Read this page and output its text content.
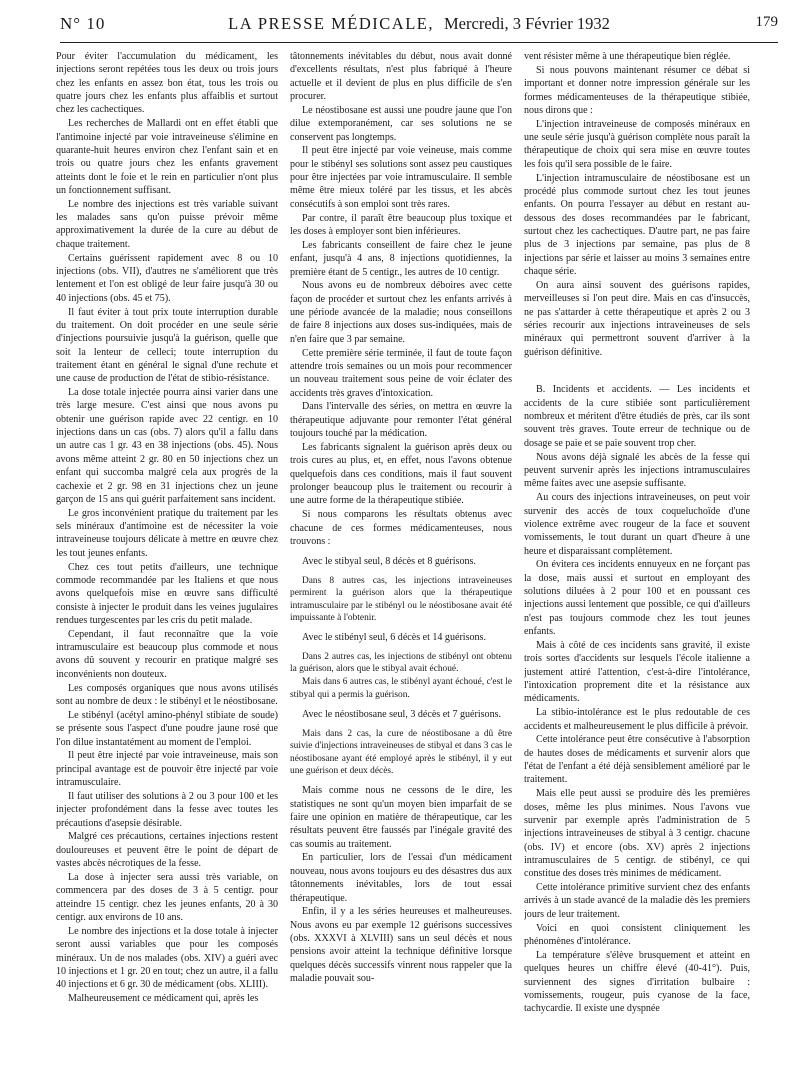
N° 10	LA PRESSE MÉDICALE, Mercredi, 3 Février 1932	179

Pour éviter l'accumulation du médicament, les injections seront repétées tous les deux ou trois jours chez les enfants en assez bon état, tous les trois ou quatre jours chez les enfants plus affaiblis et surtout chez les cachectiques.

Les recherches de Mallardi ont en effet établi que l'antimoine injecté par voie intraveineuse s'élimine en quarante-huit heures environ chez l'enfant sain et en trois ou quatre jours chez les enfants gravement atteints dont le foie et le rein en particulier n'ont plus un fonctionnement suffisant.

Le nombre des injections est très variable suivant les malades sans qu'on puisse prévoir même approximativement la durée de la cure au début de chaque traitement.

Certains guérissent rapidement avec 8 ou 10 injections (obs. VII), d'autres ne s'améliorent que très lentement et l'on est obligé de leur faire jusqu'à 30 ou 40 injections (obs. 45 et 75).

Il faut éviter à tout prix toute interruption durable du traitement. On doit procéder en une seule série d'injections poursuivie jusqu'à la guérison, quelle que soit la lenteur de celleci; toute interruption du traitement étant en général le signal d'une rechute et une cause de production de l'état de stibio-résistance.

La dose totale injectée pourra ainsi varier dans une très large mesure. C'est ainsi que nous avons pu obtenir une guérison rapide avec 22 centigr. en 10 injections dans un cas (obs. 7) alors qu'il a fallu dans un autre cas 1 gr. 43 en 38 injections (obs. 45). Nous avons même atteint 2 gr. 80 en 50 injections chez un enfant qui succomba malgré cela aux progrès de la cachexie et 2 gr. 98 en 31 injections chez un jeune garçon de 15 ans qui guérit parfaitement sans incident.

Le gros inconvénient pratique du traitement par les sels minéraux d'antimoine est de nécessiter la voie intraveineuse toujours délicate à mettre en œuvre chez les tout jeunes enfants.

Chez ces tout petits d'ailleurs, une technique commode recommandée par les Italiens et que nous avons quelquefois mise en œuvre sans difficulté consiste à injecter le produit dans les veines jugulaires rendues turgescentes par les cris du petit malade.

Cependant, il faut reconnaître que la voie intramusculaire est beaucoup plus commode et nous avons dû souvent y recourir en pratique malgré ses inconvénients non douteux.

Les composés organiques que nous avons utilisés sont au nombre de deux : le stibényl et le néostibosane.

Le stibényl (acétyl amino-phényl stibiate de soude) se présente sous l'aspect d'une poudre jaune rosé que l'on dilue instantatément au moment de l'emploi.

Il peut être injecté par voie intraveineuse, mais son principal avantage est de pouvoir être injecté par voie intramusculaire.

Il faut utiliser des solutions à 2 ou 3 pour 100 et les injecter profondément dans la fesse avec toutes les précautions d'asepsie désirable.

Malgré ces précautions, certaines injections restent douloureuses et peuvent être le point de départ de vastes abcès nécrotiques de la fesse.

La dose à injecter sera aussi très variable, on commencera par des doses de 3 à 5 centigr. pour atteindre 15 centigr. chez les jeunes enfants, 20 à 30 centigr. aux environs de 10 ans.

Le nombre des injections et la dose totale à injecter seront aussi variables que pour les composés minéraux. Un de nos malades (obs. XIV) a guéri avec 10 injections et 1 gr. 20 en tout; chez un autre, il a fallu 40 injections et 6 gr. 30 de médicament (obs. XLIII).

Malheureusement ce médicament qui, après les

tâtonnements inévitables du début, nous avait donné d'excellents résultats, n'est plus fabriqué à l'heure actuelle et il devient de plus en plus difficile de s'en procurer.

Le néostibosane est aussi une poudre jaune que l'on dilue extemporanément, car ses solutions ne se conservent pas longtemps.

Il peut être injecté par voie veineuse, mais comme pour le stibényl ses solutions sont assez peu caustiques pour être injectées par voie intramusculaire. Il semble même être mieux toléré par les tissus, et les abcès consécutifs à son emploi sont très rares.

Par contre, il paraît être beaucoup plus toxique et les doses à employer sont bien inférieures.

Les fabricants conseillent de faire chez le jeune enfant, jusqu'à 4 ans, 8 injections quotidiennes, la première étant de 5 centigr., les autres de 10 centigr.

Nous avons eu de nombreux déboires avec cette façon de procéder et surtout chez les enfants arrivés à une période avancée de la maladie; nous conseillons de faire 8 injections aux doses sus-indiquées, mais de n'en faire que 3 par semaine.

Cette première série terminée, il faut de toute façon attendre trois semaines ou un mois pour recommencer un nouveau traitement sous peine de voir éclater des accidents très graves d'intoxication.

Dans l'intervalle des séries, on mettra en œuvre la thérapeutique adjuvante pour remonter l'état général toujours touché par la médication.

Les fabricants signalent la guérison après deux ou trois cures au plus, et, en effet, nous l'avons obtenue quelquefois dans ces conditions, mais il faut souvent prolonger beaucoup plus le traitement ou recourir à une autre forme de la thérapeutique stibiée.

Si nous comparons les résultats obtenus avec chacune de ces formes médicamenteuses, nous trouvons :

Avec le stibyal seul, 8 décès et 8 guérisons.

Dans 8 autres cas, les injections intraveineuses permirent la guérison alors que la thérapeutique intramusculaire par le stibényl ou le néostibosane avait été impuissante à l'obtenir.

Avec le stibényl seul, 6 décès et 14 guérisons.

Dans 2 autres cas, les injections de stibényl ont obtenu la guérison, alors que le stibyal avait échoué.

Mais dans 6 autres cas, le stibényl ayant échoué, c'est le stibyal qui a permis la guérison.

Avec le néostibosane seul, 3 décès et 7 guérisons.

Mais dans 2 cas, la cure de néostibosane a dû être suivie d'injections intraveineuses de stibyal et dans 3 cas le néostibosane ayant été employé après le stibényl, il y eut une guérison et deux décès.

Mais comme nous ne cessons de le dire, les statistiques ne sont qu'un moyen bien imparfait de se faire une opinion en matière de thérapeutique, car les résultats peuvent être faussés par l'inégale gravité des cas soumis au traitement.

En particulier, lors de l'essai d'un médicament nouveau, nous avons toujours eu des désastres dus aux tâtonnements inévitables, lors de tout essai thérapeutique.

Enfin, il y a les séries heureuses et malheureuses. Nous avons eu par exemple 12 guérisons successives (obs. XXXVI à XLVIII) sans un seul décès et nous pensions avoir atteint la technique définitive lorsque quelques décès successifs vinrent nous rappeler que la maladie pouvait sou-

vent résister même à une thérapeutique bien réglée.

Si nous pouvons maintenant résumer ce débat si important et donner notre impression générale sur les formes médicamenteuses de la thérapeutique stibiée, nous dirons que :

L'injection intraveineuse de composés minéraux en une seule série jusqu'à guérison complète nous paraît la thérapeutique de choix qui sera mise en œuvre toutes les fois qu'il sera possible de le faire.

L'injection intramusculaire de néostibosane est un procédé plus commode surtout chez les tout jeunes enfants. On pourra l'essayer au début en restant au-dessous des doses recommandées par le fabricant, surtout chez les cachectiques. D'autre part, ne pas faire plus de 3 injections par semaine, pas plus de 8 injections par série et laisser au moins 3 semaines entre chaque série.

On aura ainsi souvent des guérisons rapides, merveilleuses si l'on peut dire. Mais en cas d'insuccès, ne pas s'attarder à cette thérapeutique et après 2 ou 3 séries recourir aux injections intraveineuses de sels minéraux qui permettront souvent d'arriver à la guérison définitive.

B. Incidents et accidents. — Les incidents et accidents de la cure stibiée sont particulièrement nombreux et méritent d'être étudiés de près, car ils sont souvent très graves. Toute erreur de technique ou de dosage se paie et se paie souvent trop cher.

Nous avons déjà signalé les abcès de la fesse qui peuvent survenir après les injections intramusculaires même faites avec une asepsie suffisante.

Au cours des injections intraveineuses, on peut voir survenir des accès de toux coqueluchoïde d'une violence extrême avec rougeur de la face et souvent vomissements, le tout durant un quart d'heure à une heure et disparaissant complètement.

On évitera ces incidents ennuyeux en ne forçant pas la dose, mais aussi et surtout en employant des solutions diluées à 2 pour 100 et en poussant ces injections aussi lentement que possible, ce qui d'ailleurs n'est pas toujours commode chez les tout jeunes enfants.

Mais à côté de ces incidents sans gravité, il existe trois sortes d'accidents sur lesquels l'école italienne a justement attiré l'attention, c'est-à-dire l'intolérance, l'intoxication proprement dite et la résistance aux médicaments.

La stibio-intolérance est le plus redoutable de ces accidents et malheureusement le plus difficile à prévoir.

Cette intolérance peut être consécutive à l'absorption de hautes doses de médicaments et survenir alors que l'état de l'enfant a été déjà sensiblement amélioré par le traitement.

Mais elle peut aussi se produire dès les premières doses, même les plus minimes. Nous l'avons vue survenir par exemple après l'administration de 5 injections intraveineuses de stibyal à 3 centigr. chacune (obs. IV) et encore (obs. XV) après 2 injections intramusculaires de 5 centigr. de stibényl, ce qui constitue des doses très minimes de médicament.

Cette intolérance primitive survient chez des enfants arrivés à un stade avancé de la maladie dès les premiers jours de leur traitement.

Voici en quoi consistent cliniquement les phénomènes d'intolérance.

La température s'élève brusquement et atteint en quelques heures un chiffre élevé (40-41°). Puis, surviennent des signes d'irritation bulbaire : vomissements, rougeur, puis cyanose de la face, tachycardie. Il existe une dyspnée
